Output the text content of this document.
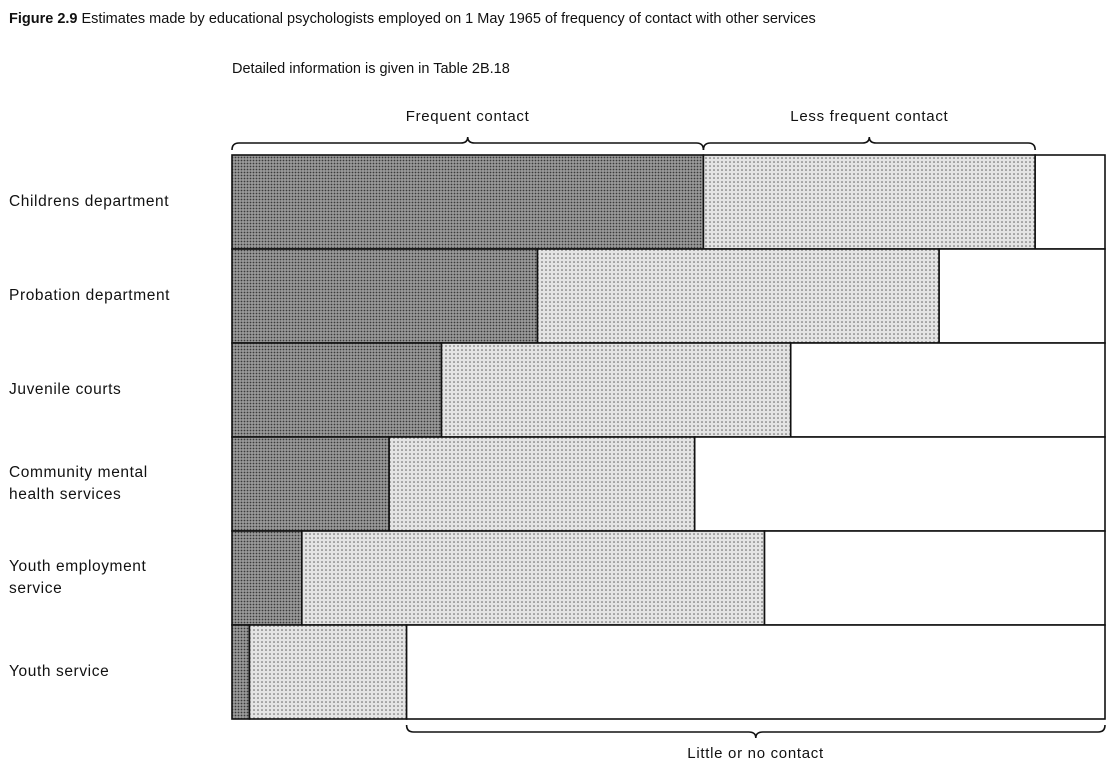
Figure 2.9 Estimates made by educational psychologists employed on 1 May 1965 of frequency of contact with other services
Detailed information is given in Table 2B.18
Childrens department
Probation department
Juvenile courts
Community mental
health services
Youth employment
service
Youth service
Frequent contact	Less frequent contact
Little or no contact
